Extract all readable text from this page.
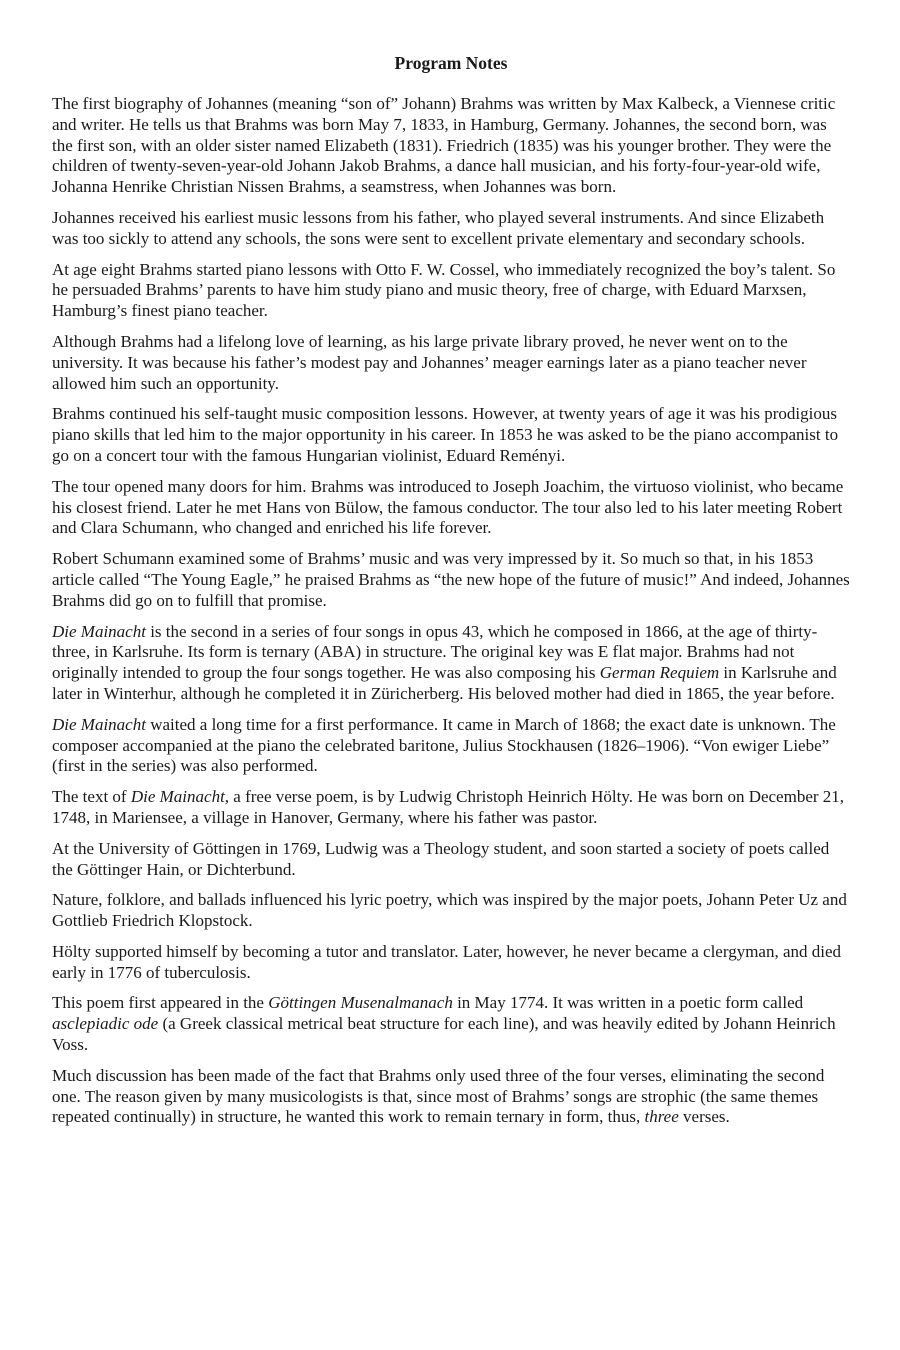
Program Notes

The first biography of Johannes (meaning “son of” Johann) Brahms was written by Max Kalbeck, a Viennese critic and writer. He tells us that Brahms was born May 7, 1833, in Hamburg, Germany. Johannes, the second born, was the first son, with an older sister named Elizabeth (1831). Friedrich (1835) was his younger brother. They were the children of twenty-seven-year-old Johann Jakob Brahms, a dance hall musician, and his forty-four-year-old wife, Johanna Henrike Christian Nissen Brahms, a seamstress, when Johannes was born.

Johannes received his earliest music lessons from his father, who played several instruments. And since Elizabeth was too sickly to attend any schools, the sons were sent to excellent private elementary and secondary schools.

At age eight Brahms started piano lessons with Otto F. W. Cossel, who immediately recognized the boy’s talent. So he persuaded Brahms’ parents to have him study piano and music theory, free of charge, with Eduard Marxsen, Hamburg’s finest piano teacher.

Although Brahms had a lifelong love of learning, as his large private library proved, he never went on to the university. It was because his father’s modest pay and Johannes’ meager earnings later as a piano teacher never allowed him such an opportunity.

Brahms continued his self-taught music composition lessons. However, at twenty years of age it was his prodigious piano skills that led him to the major opportunity in his career. In 1853 he was asked to be the piano accompanist to go on a concert tour with the famous Hungarian violinist, Eduard Reményi.

The tour opened many doors for him. Brahms was introduced to Joseph Joachim, the virtuoso violinist, who became his closest friend. Later he met Hans von Bülow, the famous conductor. The tour also led to his later meeting Robert and Clara Schumann, who changed and enriched his life forever.

Robert Schumann examined some of Brahms’ music and was very impressed by it. So much so that, in his 1853 article called “The Young Eagle,” he praised Brahms as “the new hope of the future of music!” And indeed, Johannes Brahms did go on to fulfill that promise.

Die Mainacht is the second in a series of four songs in opus 43, which he composed in 1866, at the age of thirty-three, in Karlsruhe. Its form is ternary (ABA) in structure. The original key was E flat major. Brahms had not originally intended to group the four songs together. He was also composing his German Requiem in Karlsruhe and later in Winterhur, although he completed it in Züricherberg. His beloved mother had died in 1865, the year before.

Die Mainacht waited a long time for a first performance. It came in March of 1868; the exact date is unknown. The composer accompanied at the piano the celebrated baritone, Julius Stockhausen (1826–1906). “Von ewiger Liebe” (first in the series) was also performed.

The text of Die Mainacht, a free verse poem, is by Ludwig Christoph Heinrich Hölty. He was born on December 21, 1748, in Mariensee, a village in Hanover, Germany, where his father was pastor.

At the University of Göttingen in 1769, Ludwig was a Theology student, and soon started a society of poets called the Göttinger Hain, or Dichterbund.

Nature, folklore, and ballads influenced his lyric poetry, which was inspired by the major poets, Johann Peter Uz and Gottlieb Friedrich Klopstock.

Hölty supported himself by becoming a tutor and translator. Later, however, he never became a clergyman, and died early in 1776 of tuberculosis.

This poem first appeared in the Göttingen Musenalmanach in May 1774. It was written in a poetic form called asclepiadic ode (a Greek classical metrical beat structure for each line), and was heavily edited by Johann Heinrich Voss.

Much discussion has been made of the fact that Brahms only used three of the four verses, eliminating the second one. The reason given by many musicologists is that, since most of Brahms’ songs are strophic (the same themes repeated continually) in structure, he wanted this work to remain ternary in form, thus, three verses.
